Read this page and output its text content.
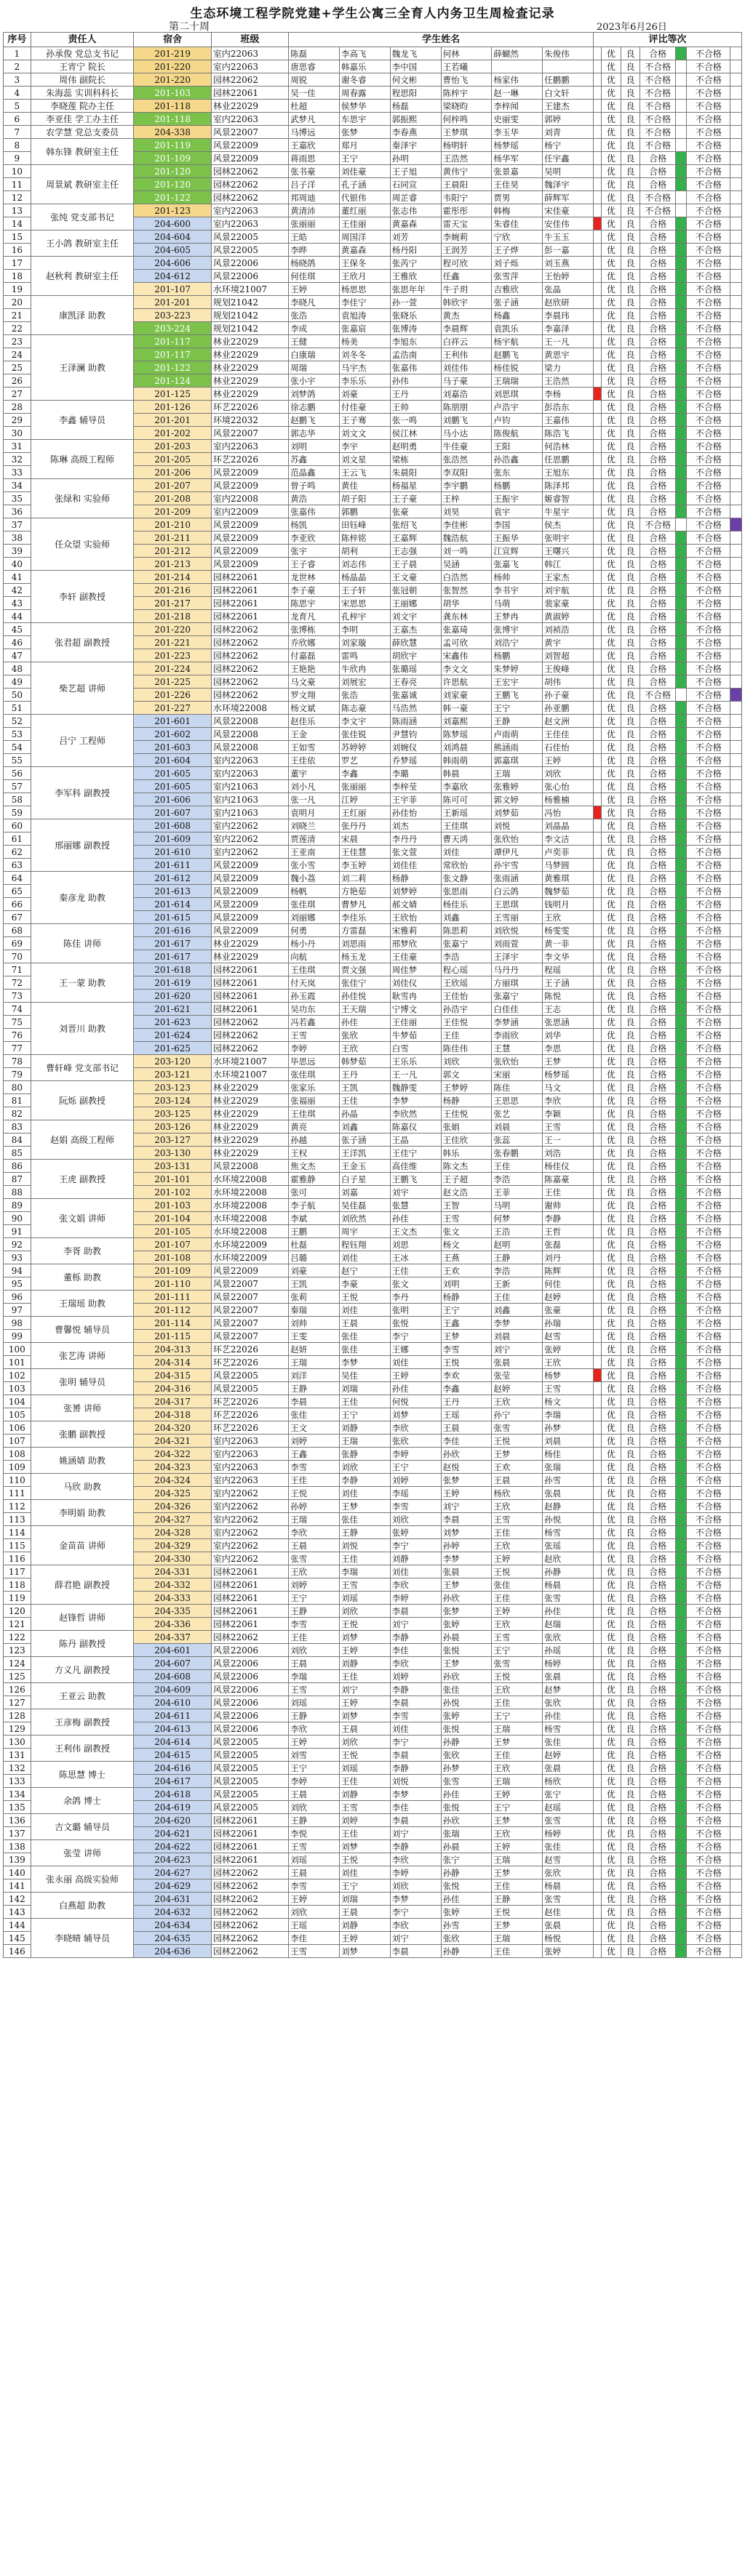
生态环境工程学院党建+学生公寓三全育人内务卫生周检查记录
第二十周	2023年6月26日
序号	责任人	宿舍	班级	学生姓名						评比等次						
1	孙承俊 党总支书记	201-219	室内22063	陈磊	李高飞	魏龙飞	何林	薛蝴然	朱俊伟		优	良	合格		不合格	
2	王宵宁 院长	201-220	室内22063	唐思睿	韩嘉乐	李中国	王若曦				优	良	不合格		不合格	
3	周伟 副院长	201-220	园林22062	周锐	谢冬睿	何文彬	曹怡飞	杨家伟	任鹏鹏		优	良	不合格		不合格	
4	朱海蕊 实训科科长	201-103	园林22061	吴一佳	周春露	程思阳	陈梓宇	赵一琳	白文轩		优	良	不合格		不合格	
5	李晓莲 院办主任	201-118	林业22029	杜超	侯梦华	杨磊	梁晓昀	李梓闻	王建杰		优	良	不合格		不合格	
6	李亚佳 学工办主任	201-118	室内22063	武梦凡	车思宇	郭振熙	何梓鸣	史丽雯	郭婷		优	良	不合格		不合格	
7	农学慧 党总支委员	204-338	风景22007	马博远	张梦	李春燕	王梦琪	李玉华	刘青		优	良	不合格		不合格	
8	韩东锋 教研室主任	201-119	风景22009	王嘉欣	郑月	秦泽宇	杨明轩	杨梦瑶	杨宁		优	良	不合格		不合格	
9		201-109	风景22009	蒋雨思	王宁	孙明	王浩然	杨华军	任宇鑫		优	良	合格		不合格	
10	周景斌 教研室主任	201-120	园林22062	张书豪	刘佳豪	王子旭	黄伟宁	张景嘉	吴明		优	良	合格		不合格	
11		201-120	园林22062	吕子洋	孔子涵	石同宣	王晨阳	王佳昊	魏泽宇		优	良	合格		不合格	
12		201-122	园林22062	邦周迪	代银伟	周芷睿	韦阳宁	贾男	薛辉军		优	良	不合格		不合格	
13	张纯 党支部书记	201-123	室内22063	黄清沛	董红丽	张志伟	霍彤彤	韩梅	宋佳豪		优	良	不合格		不合格	
14		204-600	室内22063	张丽丽	王佳丽	黄嘉森	雷天宝	朱睿佳	安佳伟		优	良	合格		不合格	
15	王小鸽 教研室主任	204-604	风景22005	王皓	周国洋	刘芳	李婉莉	宁欣	牛玉玉		优	良	合格		不合格	
16		204-605	风景22005	李晔	黄嘉森	杨丹阳	王润芳	王子烨	彭一嘉		优	良	合格		不合格	
17	赵秋利 教研室主任	204-606	风景22006	杨晓鸽	王保冬	张芮宁	程可欣	刘子烁	刘玉燕		优	良	合格		不合格	
18		204-612	风景22006	何佳琪	王欣月	王雅欣	任鑫	张雪萍	王怡婷		优	良	合格		不合格	
19		201-107	水环境21007	王婷	杨思思	张思年年	牛子玥	吉雅欣	张晶		优	良	合格		不合格	
20	康凯泽 助教	201-201	规划21042	李晓凡	李佳宁	孙一萱	韩欣宇	张子涵	赵欣研		优	良	合格		不合格	
21		203-223	规划21042	张浩	袁旭涛	张晓乐	黄杰	杨鑫	李晨玮		优	良	合格		不合格	
22		203-224	规划21042	李成	张嘉宸	张博涛	李晨辉	袁凯乐	李嘉泽		优	良	合格		不合格	
23	王泽澜 助教	201-117	林业22029	王健	杨美	李旭东	白祥云	杨宇航	王一凡		优	良	合格		不合格	
24		201-117	林业22029	白康瑞	刘冬冬	孟浩南	王利伟	赵鹏飞	黄思宇		优	良	合格		不合格	
25		201-122	林业22029	周瑞	马宇杰	张嘉伟	刘佳伟	杨佳锐	梁力		优	良	合格		不合格	
26		201-124	林业22029	张小宇	李乐乐	孙伟	马子豪	王瑞瑞	王浩然		优	良	合格		不合格	
27		201-125	林业22029	刘梦鸽	刘豪	王丹	刘嘉浩	刘思琪	李杨		优	良	合格		不合格	
28	李鑫 辅导员	201-126	环艺22026	徐志鹏	付佳豪	王帅	陈朋朋	卢浩宇	彭浩东		优	良	合格		不合格	
29		201-201	环境22032	赵鹏飞	王子骞	张一鸣	刘鹏飞	卢钧	王嘉伟		优	良	合格		不合格	
30		201-202	风景22007	郭志华	刘文文	侯江林	马小达	陈俊航	陈浩飞		优	良	合格		不合格	
31	陈琳 高级工程师	201-203	室内22063	刘明	李宇	赵明勇	牛佳豪	王阳	何浩林		优	良	合格		不合格	
32		201-205	环艺22026	苏鑫	刘文星	梁栋	张浩然	孙浩鑫	任思鹏		优	良	合格		不合格	
33		201-206	风景22009	范晶鑫	王云飞	朱晨阳	李双阳	张东	王旭东		优	良	合格		不合格	
34	张绿和 实验师	201-207	风景22009	曾子鸣	黄佳	杨福星	李宇鹏	杨鹏	陈泽邦		优	良	合格		不合格	
35		201-208	室内22008	黄浩	胡子阳	王子豪	王梓	王振宇	姬睿智		优	良	合格		不合格	
36		201-209	室内22009	张嘉伟	郭鹏	张豪	刘昊	袁宇	牛星宇		优	良	合格		不合格	
37	任众望 实验师	201-210	风景22009	杨凯	田钰峰	张绍飞	李佳彬	李国	侯杰		优	良	不合格		不合格	
38		201-211	风景22009	李亚欣	陈梓铭	王嘉辉	魏浩航	王振华	张明宇		优	良	合格		不合格	
39		201-212	风景22009	张宇	胡利	王志强	刘一鸣	江宣辉	王曙兴		优	良	合格		不合格	
40		201-213	风景22009	王子睿	刘志伟	王子晨	吴涵	张嘉飞	韩江		优	良	合格		不合格	
41	李轩 副教授	201-214	园林22061	龙世林	杨晶晶	王文豪	白浩然	杨帅	王家杰		优	良	合格		不合格	
42		201-216	园林22061	李子豪	王子轩	张冠朝	张智然	李书宇	刘宇航		优	良	合格		不合格	
43		201-217	园林22061	陈思宇	宋思思	王丽娜	胡华	马萌	裴家豪		优	良	合格		不合格	
44		201-218	园林22061	龙育凡	孔梓宇	刘文宇	龚东林	王梦冉	黄淑婷		优	良	合格		不合格	
45	张君超 副教授	201-220	园林22062	张博栋	李明	王嘉杰	张嘉琦	张博宇	刘祯浩		优	良	合格		不合格	
46		201-221	园林22062	乔欣娜	刘家璇	薛欣慧	孟可欣	刘浩宁	黄宇		优	良	合格		不合格	
47		201-223	园林22062	付嘉磊	雷鸣	胡欣宇	宋鑫伟	杨鹏	刘智超		优	良	合格		不合格	
48	柴艺超 讲师	201-224	园林22062	王艳艳	牛欣冉	张璐瑶	李文文	朱梦婷	王俊峰		优	良	合格		不合格	
49		201-225	园林22062	马文豪	刘展宏	王春亮	许思航	王宏宇	胡伟		优	良	合格		不合格	
50		201-226	园林22062	罗文翔	张浩	张嘉诚	刘家豪	王鹏飞	孙子豪		优	良	不合格		不合格	
51		201-227	水环境22008	杨文斌	陈志豪	马浩然	韩一豪	王宁	孙亚鹏		优	良	合格		不合格	
52	吕宁 工程师	201-601	风景22008	赵佳乐	李文宇	陈雨涵	刘嘉熙	王静	赵文洲		优	良	合格		不合格	
53		201-602	风景22008	王金	张佳锐	尹慧钧	陈梦瑶	卢雨萌	王佳佳		优	良	合格		不合格	
54		201-603	风景22008	王如雪	苏婷婷	刘婉仪	刘鸿晨	熊涵雨	石佳怡		优	良	合格		不合格	
55		201-604	室内22063	王佳依	罗艺	乔梦瑶	韩雨萌	郭嘉琪	王婷		优	良	合格		不合格	
56	李军科 副教授	201-605	室内22063	董宇	李鑫	李璐	韩晨	王瑞	刘欣		优	良	合格		不合格	
57		201-605	室内21063	刘小凡	张丽丽	李梓莹	李嘉欣	张雅婷	张心怡		优	良	合格		不合格	
58		201-606	室内21063	张一凡	江婷	王宇菲	陈可可	郭文婷	杨雅楠		优	良	合格		不合格	
59		201-607	室内21063	袁明月	王红丽	孙佳怡	王新瑶	刘梦茹	冯怡		优	良	合格		不合格	
60	邢丽娜 副教授	201-608	室内22062	刘晓兰	张丹丹	刘杰	王佳琪	刘悦	刘晶晶		优	良	合格		不合格	
61		201-609	室内22062	贾莲清	宋晨	李丹丹	曹天鸿	张欣怡	李文洁		优	良	合格		不合格	
62		201-610	室内22062	王亚南	王佳慧	张文萱	刘佳	谭伊凡	卢奕菲		优	良	合格		不合格	
63		201-611	风景22009	张小雪	李玉婷	刘佳佳	常欣怡	孙宇雪	马梦圆		优	良	合格		不合格	
64	秦彦龙 助教	201-612	风景22009	魏小荔	刘二莉	杨静	张文静	张雨涵	黄雅琪		优	良	合格		不合格	
65		201-613	风景22009	杨帆	方艳茹	刘梦婷	张思雨	白云鸽	魏梦茹		优	良	合格		不合格	
66		201-614	风景22009	张佳琪	曹梦凡	郝文婧	杨佳乐	王思琪	钱明月		优	良	合格		不合格	
67		201-615	风景22009	刘丽娜	李佳乐	王欣怡	刘鑫	王雪丽	王欣		优	良	合格		不合格	
68	陈佳 讲师	201-616	风景22009	何勇	方雷磊	宋雅莉	陈思莉	刘欣悦	杨雯雯		优	良	合格		不合格	
69		201-617	林业22029	杨小丹	刘思雨	邢梦欣	张嘉宁	刘雨萱	黄一菲		优	良	合格		不合格	
70		201-617	林业22029	向航	杨玉龙	王佳豪	李浩	王泽宇	李文华		优	良	合格		不合格	
71	王一蒙 助教	201-618	园林22061	王佳琪	贾文强	周佳梦	程心瑶	马丹丹	程瑶		优	良	合格		不合格	
72		201-619	园林22061	付天岚	张佳宁	刘佳仪	王欣瑶	方丽琪	王子涵		优	良	合格		不合格	
73		201-620	园林22061	孙玉霞	孙佳悦	耿雪冉	王佳怡	张嘉宁	陈悦		优	良	合格		不合格	
74	刘晋川 助教	201-621	园林22061	吴功东	王天瑞	宁博文	孙浩宇	白佳佳	王志		优	良	合格		不合格	
75		201-623	园林22062	冯若鑫	孙佳	王佳丽	王佳悦	李梦涵	张思涵		优	良	合格		不合格	
76		201-624	园林22062	王雪	张欣	牛梦茹	王佳	李雨欣	刘华		优	良	合格		不合格	
77		201-625	园林22062	李婷	王欣	白雪	陈佳伟	王慧	李思		优	良	合格		不合格	
78	曹轩峰 党支部书记	203-120	水环境21007	毕思远	韩梦茹	王乐乐	刘欣	张欣怡	王梦		优	良	合格		不合格	
79		203-121	水环境21007	张佳琪	王丹	王一凡	郭文	宋丽	杨梦瑶		优	良	合格		不合格	
80	阮烁 副教授	203-123	林业22029	张家乐	王凯	魏静雯	王梦婷	陈佳	马文		优	良	合格		不合格	
81		203-124	林业22029	张福丽	王佳	李梦	杨静	王思思	李欣		优	良	合格		不合格	
82		203-125	林业22029	王佳琪	孙晶	李欣然	王佳悦	张艺	李颖		优	良	合格		不合格	
83	赵娟 高级工程师	203-126	林业22029	黄亮	刘鑫	陈嘉仪	张娟	刘晨	王雪		优	良	合格		不合格	
84		203-127	林业22029	孙越	张子涵	王晶	王佳欣	张蕊	王一		优	良	合格		不合格	
85		203-130	林业22029	王权	王洋凯	王佳宁	韩乐	张春鹏	刘浩		优	良	合格		不合格	
86	王虎 副教授	203-131	风景22008	焦文杰	王金玉	高佳维	陈文杰	王佳	杨佳仪		优	良	合格		不合格	
87		201-101	水环境22008	霍雅静	白子星	王鹏飞	王子超	李浩	陈嘉豪		优	良	合格		不合格	
88		201-102	水环境22008	张可	刘嘉	刘宇	赵文浩	王菲	王佳		优	良	合格		不合格	
89	张文娟 讲师	201-103	水环境22008	李子航	吴佳磊	张慧	王智	马明	谢帅		优	良	合格		不合格	
90		201-104	水环境22008	李斌	刘欣然	孙佳	王雪	何梦	李静		优	良	合格		不合格	
91		201-105	水环境22008	王鹏	周宇	王文杰	张文	王浩	王哲		优	良	合格		不合格	
92	李胥 助教	201-107	水环境22009	杜磊	程钰翔	刘思	杨文	赵明	张磊		优	良	合格		不合格	
93		201-108	水环境22009	吕璐	刘佳	王冰	王燕	王静	刘丹		优	良	合格		不合格	
94	董栎 助教	201-109	风景22009	刘豪	赵宁	王佳	王欢	李浩	陈辉		优	良	合格		不合格	
95		201-110	风景22007	王凯	李豪	张文	刘明	王新	何佳		优	良	合格		不合格	
96	王瑞瑶 助教	201-111	风景22007	张莉	王悦	李丹	杨静	王佳	赵婷		优	良	合格		不合格	
97		201-112	风景22007	秦瑞	刘佳	张明	王宁	刘鑫	张豪		优	良	合格		不合格	
98	曹馨悦 辅导员	201-114	风景22007	刘帅	王晨	张悦	王鑫	李梦	孙瑞		优	良	合格		不合格	
99		201-115	风景22007	王雯	张佳	李宁	王梦	刘晨	赵雪		优	良	合格		不合格	
100	张艺涛 讲师	204-313	环艺22026	赵妍	张佳	王娜	李雪	刘宁	张婷		优	良	合格		不合格	
101		204-314	环艺22026	王瑞	李梦	刘佳	王悦	张晨	王欣		优	良	合格		不合格	
102	张明 辅导员	204-315	风景22005	刘洋	吴佳	王婷	李欢	张莹	杨梦		优	良	合格		不合格	
103		204-316	风景22005	王静	刘瑞	孙佳	李鑫	赵婷	王雪		优	良	合格		不合格	
104	张赟 讲师	204-317	环艺22026	李晨	王佳	何悦	王丹	王欣	杨文		优	良	合格		不合格	
105		204-318	环艺22026	张佳	王宁	刘梦	王瑶	孙宁	李瑞		优	良	合格		不合格	
106	张鹏 副教授	204-320	环艺22026	王文	刘静	李欣	王晨	张雪	孙梦		优	良	合格		不合格	
107		204-321	室内22063	刘婷	王瑞	张欣	李佳	王悦	刘晨		优	良	合格		不合格	
108	姚涵婧 助教	204-322	室内22063	王鑫	张静	李婷	孙欣	王梦	杨佳		优	良	合格		不合格	
109		204-323	室内22063	李雪	刘欣	王宁	赵悦	王欢	张瑞		优	良	合格		不合格	
110	马欣 助教	204-324	室内22063	王佳	李静	刘婷	张梦	王晨	孙雪		优	良	合格		不合格	
111		204-325	室内22062	王悦	刘佳	李瑶	王婷	杨欣	张晨		优	良	合格		不合格	
112	李明娟 助教	204-326	室内22062	孙婷	王梦	李雪	刘宁	王欣	赵静		优	良	合格		不合格	
113		204-327	室内22062	王瑞	张佳	刘欣	李晨	王雪	孙悦		优	良	合格		不合格	
114	金苗苗 讲师	204-328	室内22062	李欣	王静	张婷	刘梦	王佳	杨雪		优	良	合格		不合格	
115		204-329	室内22062	王晨	刘悦	李宁	孙婷	王欣	张瑶		优	良	合格		不合格	
116		204-330	室内22062	张雪	王佳	刘静	李梦	王婷	赵欣		优	良	合格		不合格	
117	薛君艳 副教授	204-331	园林22061	王欣	李瑞	刘佳	张晨	王悦	孙静		优	良	合格		不合格	
118		204-332	园林22061	刘婷	王雪	李欣	王梦	张佳	杨晨		优	良	合格		不合格	
119		204-333	园林22061	王宁	刘瑶	李婷	孙欣	王佳	张雪		优	良	合格		不合格	
120	赵锋哲 讲师	204-335	园林22061	王静	刘欣	李晨	张梦	王婷	孙佳		优	良	合格		不合格	
121		204-336	园林22061	李雪	王悦	刘宁	张婷	王欣	赵瑞		优	良	合格		不合格	
122	陈丹 副教授	204-337	园林22062	王佳	刘梦	李静	孙晨	王雪	张欣		优	良	合格		不合格	
123		204-601	风景22006	刘欣	王婷	李佳	张悦	王宁	孙瑶		优	良	合格		不合格	
124	方义凡 副教授	204-607	风景22006	王晨	刘静	李欣	王梦	张雪	杨婷		优	良	合格		不合格	
125		204-608	风景22006	李瑞	王佳	刘婷	孙欣	王悦	张晨		优	良	合格		不合格	
126	王亚云 助教	204-609	风景22006	王雪	刘宁	李静	张佳	王欣	赵梦		优	良	合格		不合格	
127		204-610	风景22006	刘瑶	王婷	李晨	孙悦	王佳	张欣		优	良	合格		不合格	
128	王彦梅 副教授	204-611	风景22006	王静	刘梦	李雪	张婷	王宁	孙佳		优	良	合格		不合格	
129		204-613	风景22006	李欣	王晨	刘佳	张悦	王瑞	杨雪		优	良	合格		不合格	
130	王利伟 副教授	204-614	风景22005	王婷	刘欣	李宁	孙静	王梦	张佳		优	良	合格		不合格	
131		204-615	风景22005	刘雪	王悦	李晨	张欣	王佳	赵婷		优	良	合格		不合格	
132	陈思慧 博士	204-616	风景22005	王宁	刘瑶	李静	孙梦	王欣	张晨		优	良	合格		不合格	
133		204-617	风景22005	李婷	王佳	刘悦	张雪	王瑞	杨欣		优	良	合格		不合格	
134	余鸽 博士	204-618	风景22005	王晨	刘静	李梦	孙佳	王婷	张宁		优	良	合格		不合格	
135		204-619	风景22005	刘欣	王雪	李佳	张悦	王宁	赵瑶		优	良	合格		不合格	
136	吉文璐 辅导员	204-620	园林22061	王静	刘婷	李晨	孙欣	王梦	张雪		优	良	合格		不合格	
137		204-621	园林22061	李悦	王佳	刘宁	张瑞	王欣	杨婷		优	良	合格		不合格	
138	张莹 讲师	204-622	园林22061	王雪	刘梦	李静	孙晨	王婷	张佳		优	良	合格		不合格	
139		204-623	园林22061	刘瑶	王悦	李欣	张宁	王瑞	赵雪		优	良	合格		不合格	
140	张永丽 高级实验师	204-627	园林22062	王晨	刘佳	李婷	孙静	王梦	张欣		优	良	合格		不合格	
141		204-629	园林22062	李雪	王宁	刘欣	张悦	王佳	杨晨		优	良	合格		不合格	
142	白燕超 助教	204-631	园林22062	王婷	刘瑞	李梦	孙佳	王静	张雪		优	良	合格		不合格	
143		204-632	园林22062	刘欣	王晨	李宁	张婷	王悦	赵佳		优	良	合格		不合格	
144	李晓晴 辅导员	204-634	园林22062	王瑶	刘静	李欣	孙雪	王梦	张晨		优	良	合格		不合格	
145		204-635	园林22062	李佳	王婷	刘宁	张欣	王瑞	杨悦		优	良	合格		不合格	
146		204-636	园林22062	王雪	刘梦	李晨	孙静	王佳	张婷		优	良	合格		不合格	
